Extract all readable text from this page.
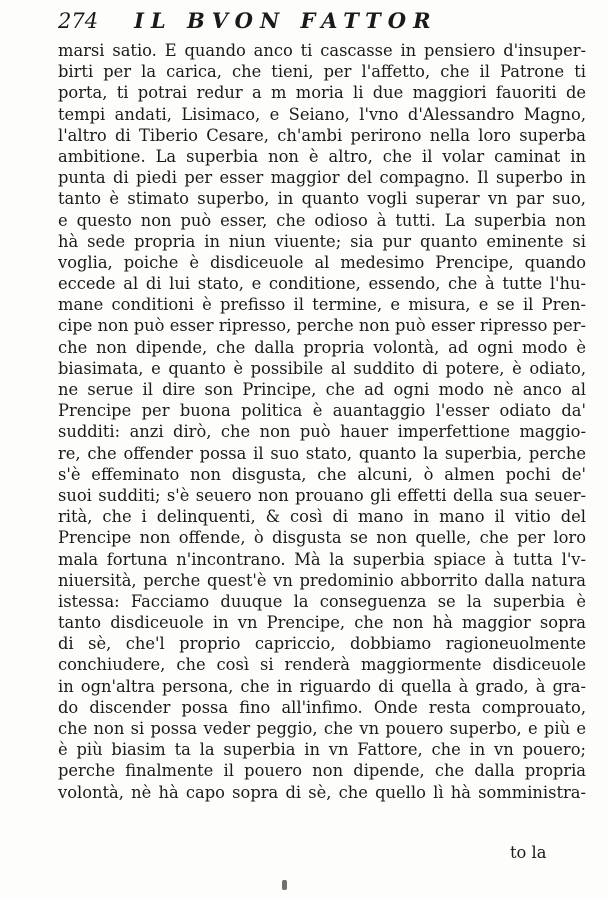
274 IL BVON FATTOR
marsi satio. E quando anco ti cascasse in pensiero d'insuper-
birti per la carica, che tieni, per l'affetto, che il Patrone ti
porta, ti potrai redur a m moria li due maggiori fauoriti de
tempi andati, Lisimaco, e Seiano, l'vno d'Alessandro Magno,
l'altro di Tiberio Cesare, ch'ambi perirono nella loro superba
ambitione. La superbia non è altro, che il volar caminat in
punta di piedi per esser maggior del compagno. Il superbo in
tanto è stimato superbo, in quanto vogli superar vn par suo,
e questo non può esser, che odioso à tutti. La superbia non
hà sede propria in niun viuente; sia pur quanto eminente si
voglia, poiche è disdiceuole al medesimo Prencipe, quando
eccede al di lui stato, e conditione, essendo, che à tutte l'hu-
mane conditioni è prefisso il termine, e misura, e se il Pren-
cipe non può esser ripresso, perche non può esser ripresso per-
che non dipende, che dalla propria volontà, ad ogni modo è
biasimata, e quanto è possibile al suddito di potere, è odiato,
ne serue il dire son Principe, che ad ogni modo nè anco al
Prencipe per buona politica è auantaggio l'esser odiato da'
sudditi: anzi dirò, che non può hauer imperfettione maggio-
re, che offender possa il suo stato, quanto la superbia, perche
s'è effeminato non disgusta, che alcuni, ò almen pochi de'
suoi sudditi; s'è seuero non prouano gli effetti della sua seuer-
rità, che i delinquenti, & così di mano in mano il vitio del
Prencipe non offende, ò disgusta se non quelle, che per loro
mala fortuna n'incontrano. Mà la superbia spiace à tutta l'v-
niuersità, perche quest'è vn predominio abborrito dalla natura
istessa: Facciamo duuque la conseguenza se la superbia è
tanto disdiceuole in vn Prencipe, che non hà maggior sopra
di sè, che'l proprio capriccio, dobbiamo ragioneuolmente
conchiudere, che così si renderà maggiormente disdiceuole
in ogn'altra persona, che in riguardo di quella à grado, à gra-
do discender possa fino all'infimo. Onde resta comprouato,
che non si possa veder peggio, che vn pouero superbo, e più e
è più biasim ta la superbia in vn Fattore, che in vn pouero;
perche finalmente il pouero non dipende, che dalla propria
volontà, nè hà capo sopra di sè, che quello lì hà somministra-
to la
